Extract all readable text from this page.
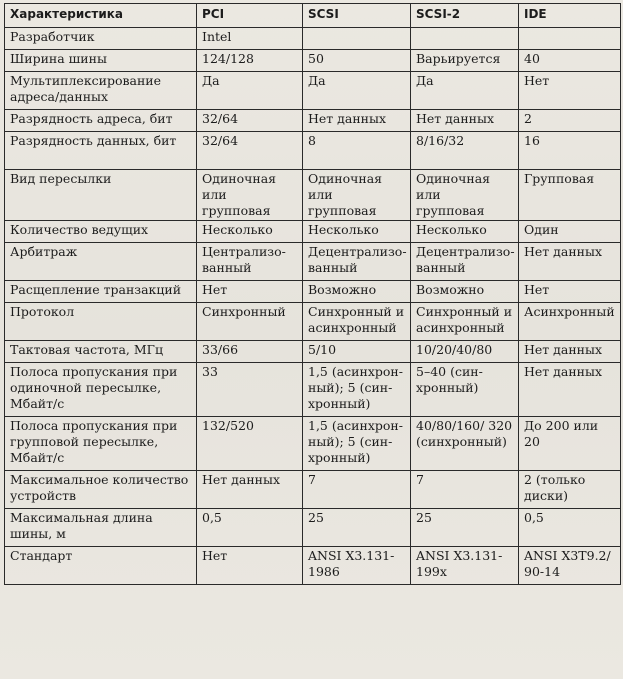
Характеристика	PCI	SCSI	SCSI-2	IDE
Разработчик	Intel			
Ширина шины	124/128	50	Варьируется	40
Мультиплексирование адреса/данных	Да	Да	Да	Нет
Разрядность адреса, бит	32/64	Нет данных	Нет данных	2
Разрядность данных, бит	32/64	8	8/16/32	16
Вид пересылки	Одиночная или групповая	Одиночная или групповая	Одиночная или групповая	Групповая
Количество ведущих	Несколько	Несколько	Несколько	Один
Арбитраж	Централизованный	Децентрализованный	Децентрализованный	Нет данных
Расщепление транзакций	Нет	Возможно	Возможно	Нет
Протокол	Синхронный	Синхронный и асинхронный	Синхронный и асинхронный	Асинхронный
Тактовая частота, МГц	33/66	5/10	10/20/40/80	Нет данных
Полоса пропускания при одиночной пересылке, Мбайт/с	33	1,5 (асинхронный); 5 (синхронный)	5–40 (синхронный)	Нет данных
Полоса пропускания при групповой пересылке, Мбайт/с	132/520	1,5 (асинхронный); 5 (синхронный)	40/80/160/ 320 (синхронный)	До 200 или 20
Максимальное количество устройств	Нет данных	7	7	2 (только диски)
Максимальная длина шины, м	0,5	25	25	0,5
Стандарт	Нет	ANSI X3.131-1986	ANSI X3.131-199x	ANSI X3T9.2/ 90-14
